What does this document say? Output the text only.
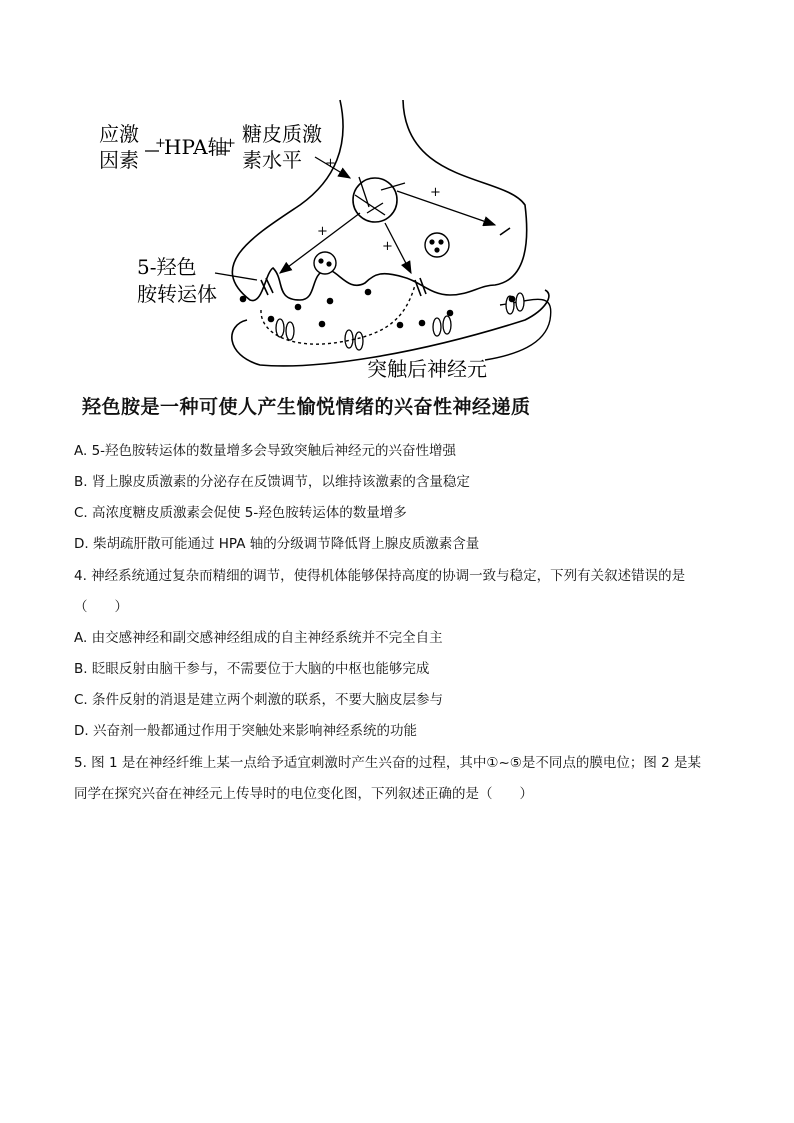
应激
因素
+
HPA轴
+ 糖皮质激
素水平 +
+
+
+
5-羟色
胺转运体
突触后神经元
羟色胺是一种可使人产生愉悦情绪的兴奋性神经递质
A. 5-羟色胺转运体的数量增多会导致突触后神经元的兴奋性增强
B. 肾上腺皮质激素的分泌存在反馈调节，以维持该激素的含量稳定
C. 高浓度糖皮质激素会促使 5-羟色胺转运体的数量增多
D. 柴胡疏肝散可能通过 HPA 轴的分级调节降低肾上腺皮质激素含量
4. 神经系统通过复杂而精细的调节，使得机体能够保持高度的协调一致与稳定，下列有关叙述错误的是
（　　）
A. 由交感神经和副交感神经组成的自主神经系统并不完全自主
B. 眨眼反射由脑干参与，不需要位于大脑的中枢也能够完成
C. 条件反射的消退是建立两个刺激的联系，不要大脑皮层参与
D. 兴奋剂一般都通过作用于突触处来影响神经系统的功能
5. 图 1 是在神经纤维上某一点给予适宜刺激时产生兴奋的过程，其中①~⑤是不同点的膜电位；图 2 是某
同学在探究兴奋在神经元上传导时的电位变化图，下列叙述正确的是（　　）
